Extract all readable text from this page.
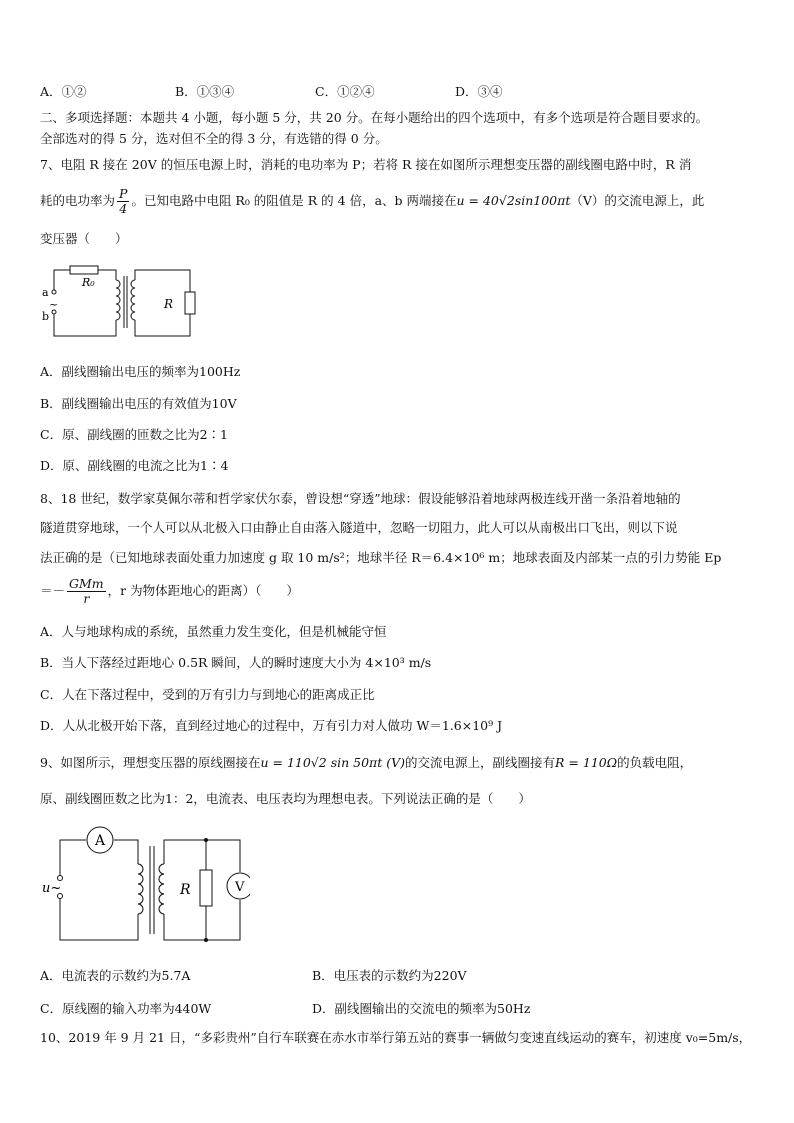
A．①②	B．①③④	C．①②④	D．③④
二、多项选择题：本题共 4 小题，每小题 5 分，共 20 分。在每小题给出的四个选项中，有多个选项是符合题目要求的。
全部选对的得 5 分，选对但不全的得 3 分，有选错的得 0 分。
7、电阻 R 接在 20V 的恒压电源上时，消耗的电功率为 P；若将 R 接在如图所示理想变压器的副线圈电路中时，R 消
耗的电功率为 $\frac{P}{4}$ 。已知电路中电阻 R₀ 的阻值是 R 的 4 倍，a、b 两端接在u = 40√2sin100πt（V）的交流电源上，此
变压器（　　）
R₀
a
b
~	R
A．副线圈输出电压的频率为100Hz
B．副线圈输出电压的有效值为10V
C．原、副线圈的匝数之比为2∶1
D．原、副线圈的电流之比为1∶4
8、18 世纪，数学家莫佩尔蒂和哲学家伏尔泰，曾设想“穿透”地球：假设能够沿着地球两极连线开凿一条沿着地轴的
隧道贯穿地球，一个人可以从北极入口由静止自由落入隧道中，忽略一切阻力，此人可以从南极出口飞出，则以下说
法正确的是（已知地球表面处重力加速度 g 取 10 m/s²；地球半径 R＝6.4×10⁶ m；地球表面及内部某一点的引力势能 Ep
＝－ $\frac{\text{GMm}}{r}$ ，r 为物体距地心的距离）（　　）
A．人与地球构成的系统，虽然重力发生变化，但是机械能守恒
B．当人下落经过距地心 0.5R 瞬间，人的瞬时速度大小为 4×10³ m/s
C．人在下落过程中，受到的万有引力与到地心的距离成正比
D．人从北极开始下落，直到经过地心的过程中，万有引力对人做功 W＝1.6×10⁹ J
9、如图所示，理想变压器的原线圈接在u = 110√2 sin 50πt (V)的交流电源上，副线圈接有R = 110Ω的负载电阻，
原、副线圈匝数之比为1：2，电流表、电压表均为理想电表。下列说法正确的是（　　）
A
V
R
u~
A．电流表的示数约为5.7A	B．电压表的示数约为220V
C．原线圈的输入功率为440W	D．副线圈输出的交流电的频率为50Hz
10、2019 年 9 月 21 日，“多彩贵州”自行车联赛在赤水市举行第五站的赛事一辆做匀变速直线运动的赛车，初速度 v₀=5m/s，
